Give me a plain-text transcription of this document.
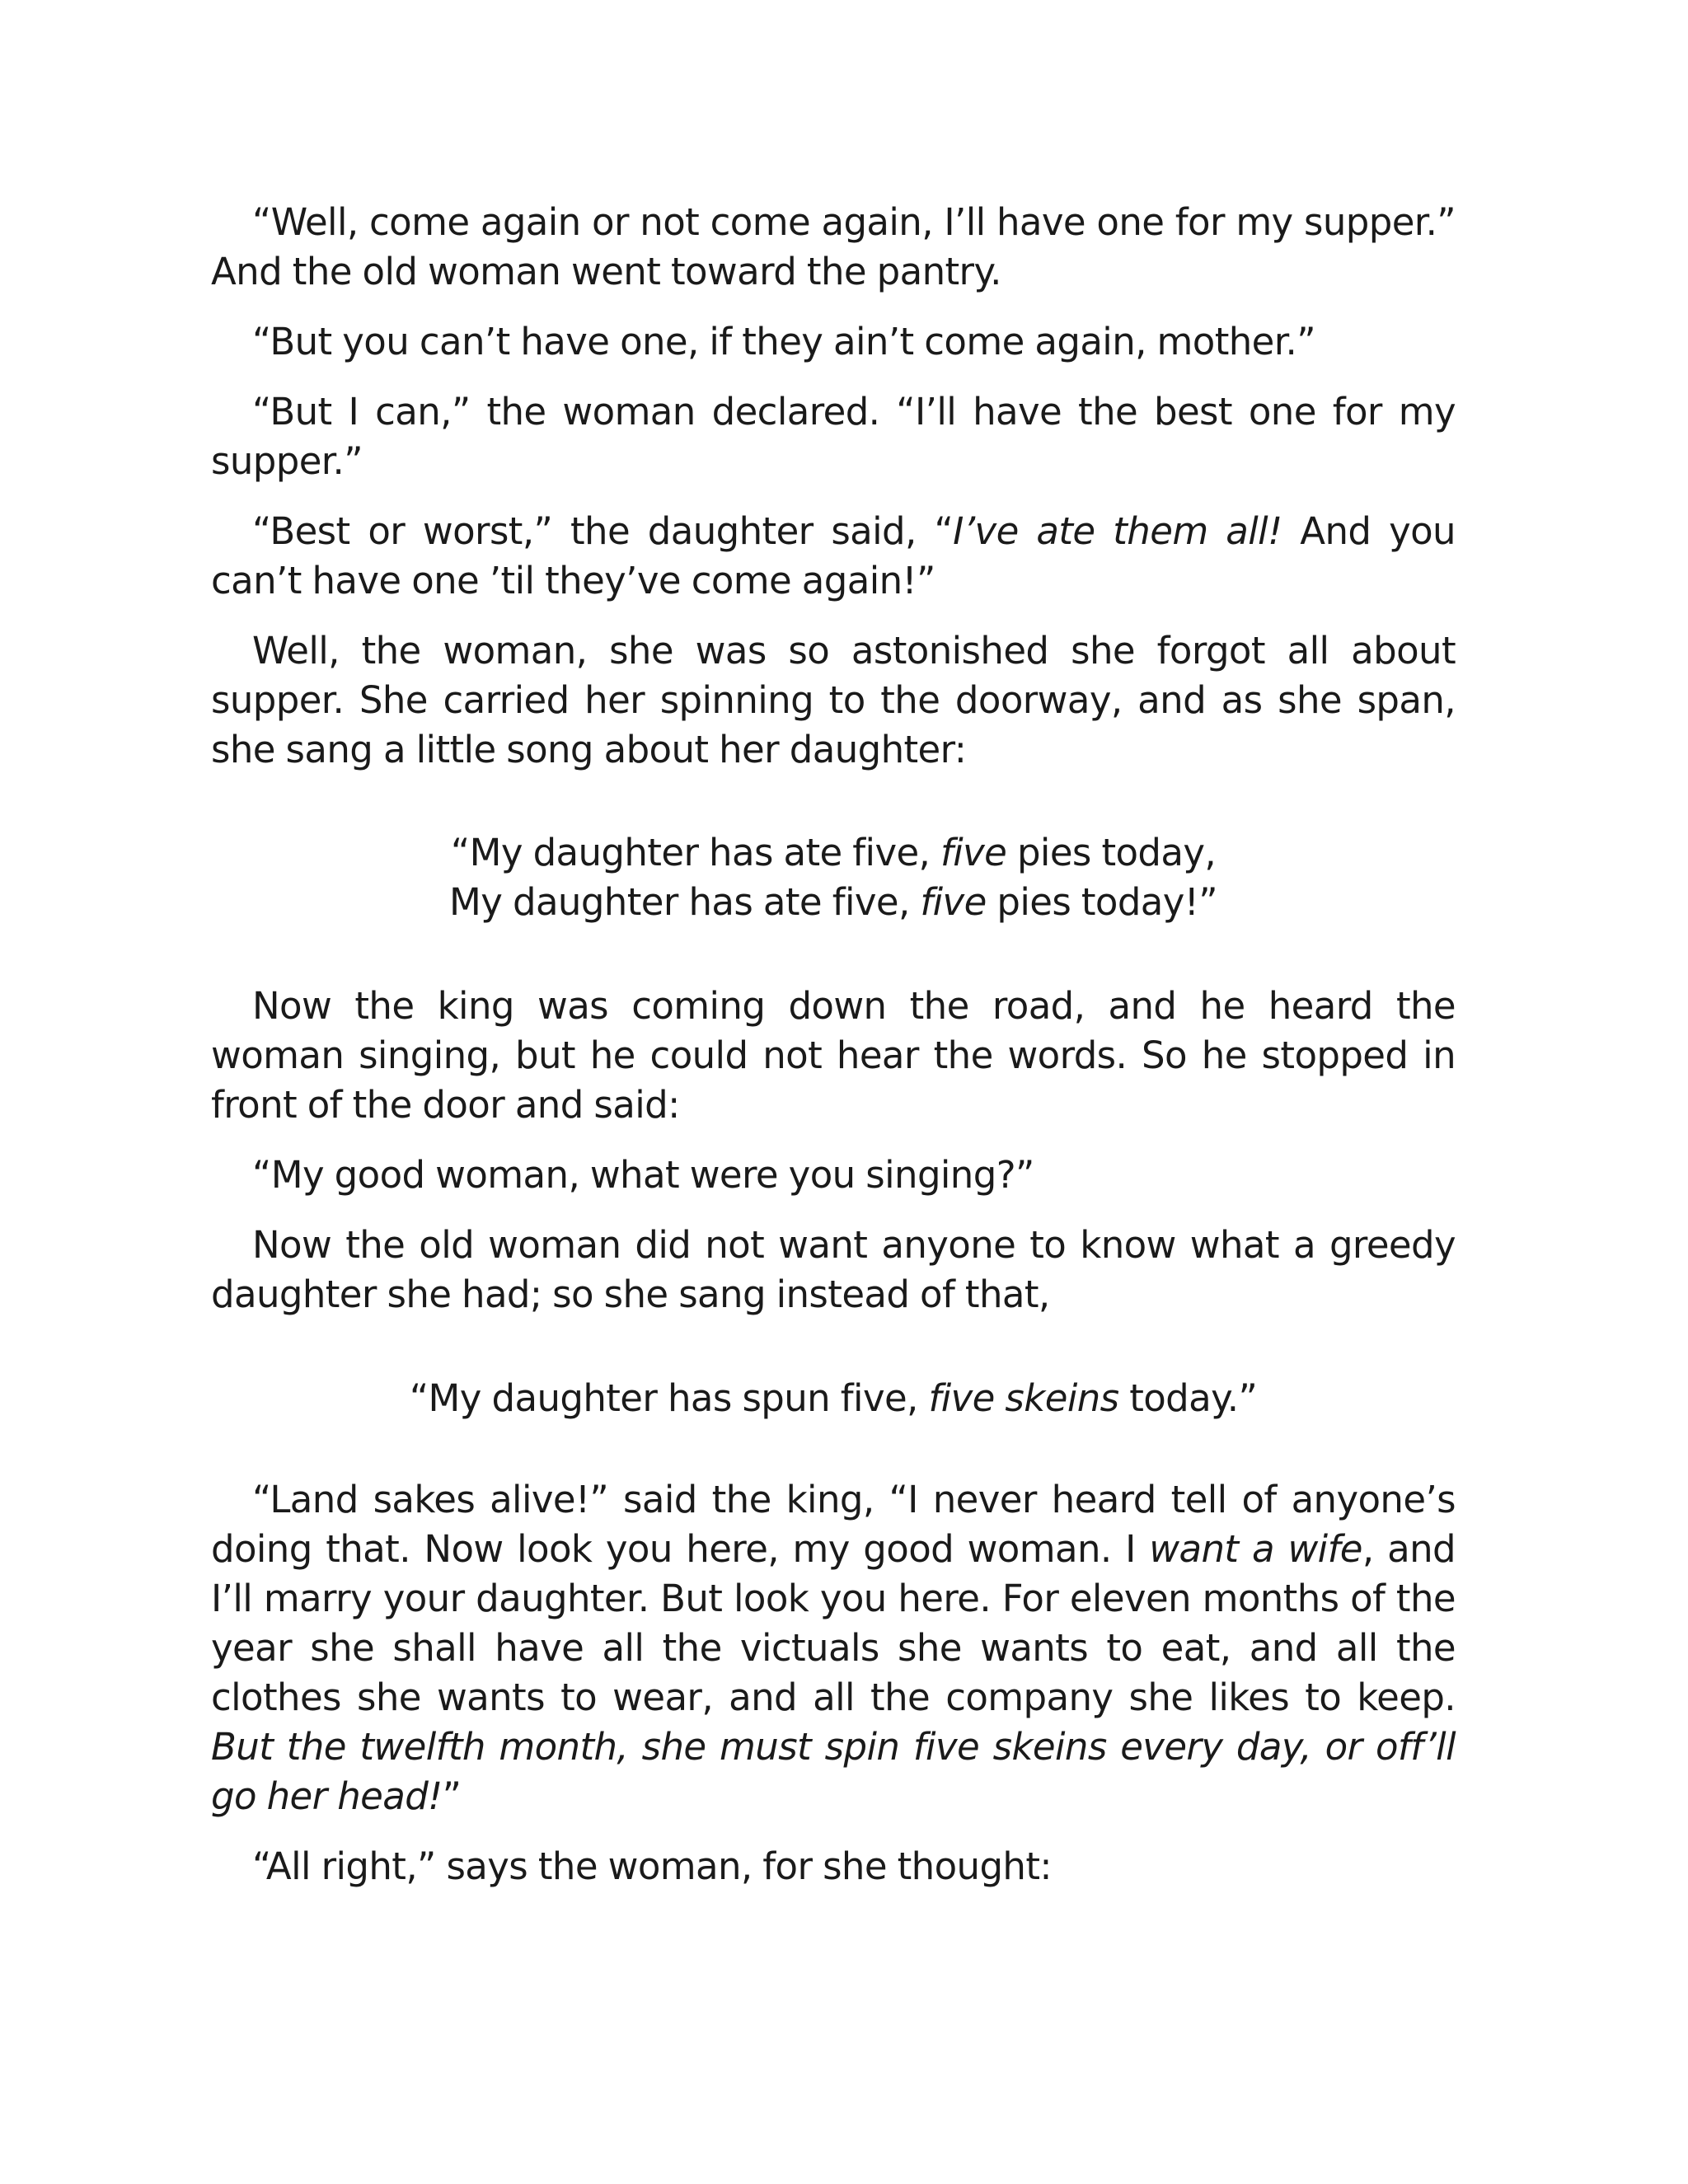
“Well, come again or not come again, I’ll have one for my supper.” And the old woman went toward the pantry.

“But you can’t have one, if they ain’t come again, mother.”

“But I can,” the woman declared. “I’ll have the best one for my supper.”

“Best or worst,” the daughter said, “I’ve ate them all! And you can’t have one ’til they’ve come again!”

Well, the woman, she was so astonished she forgot all about supper. She carried her spinning to the doorway, and as she span, she sang a little song about her daughter:

“My daughter has ate five, five pies today,
My daughter has ate five, five pies today!”

Now the king was coming down the road, and he heard the woman singing, but he could not hear the words. So he stopped in front of the door and said:

“My good woman, what were you singing?”

Now the old woman did not want anyone to know what a greedy daughter she had; so she sang instead of that,

“My daughter has spun five, five skeins today.”

“Land sakes alive!” said the king, “I never heard tell of anyone’s doing that. Now look you here, my good woman. I want a wife, and I’ll marry your daughter. But look you here. For eleven months of the year she shall have all the victuals she wants to eat, and all the clothes she wants to wear, and all the company she likes to keep. But the twelfth month, she must spin five skeins every day, or off’ll go her head!”

“All right,” says the woman, for she thought:
